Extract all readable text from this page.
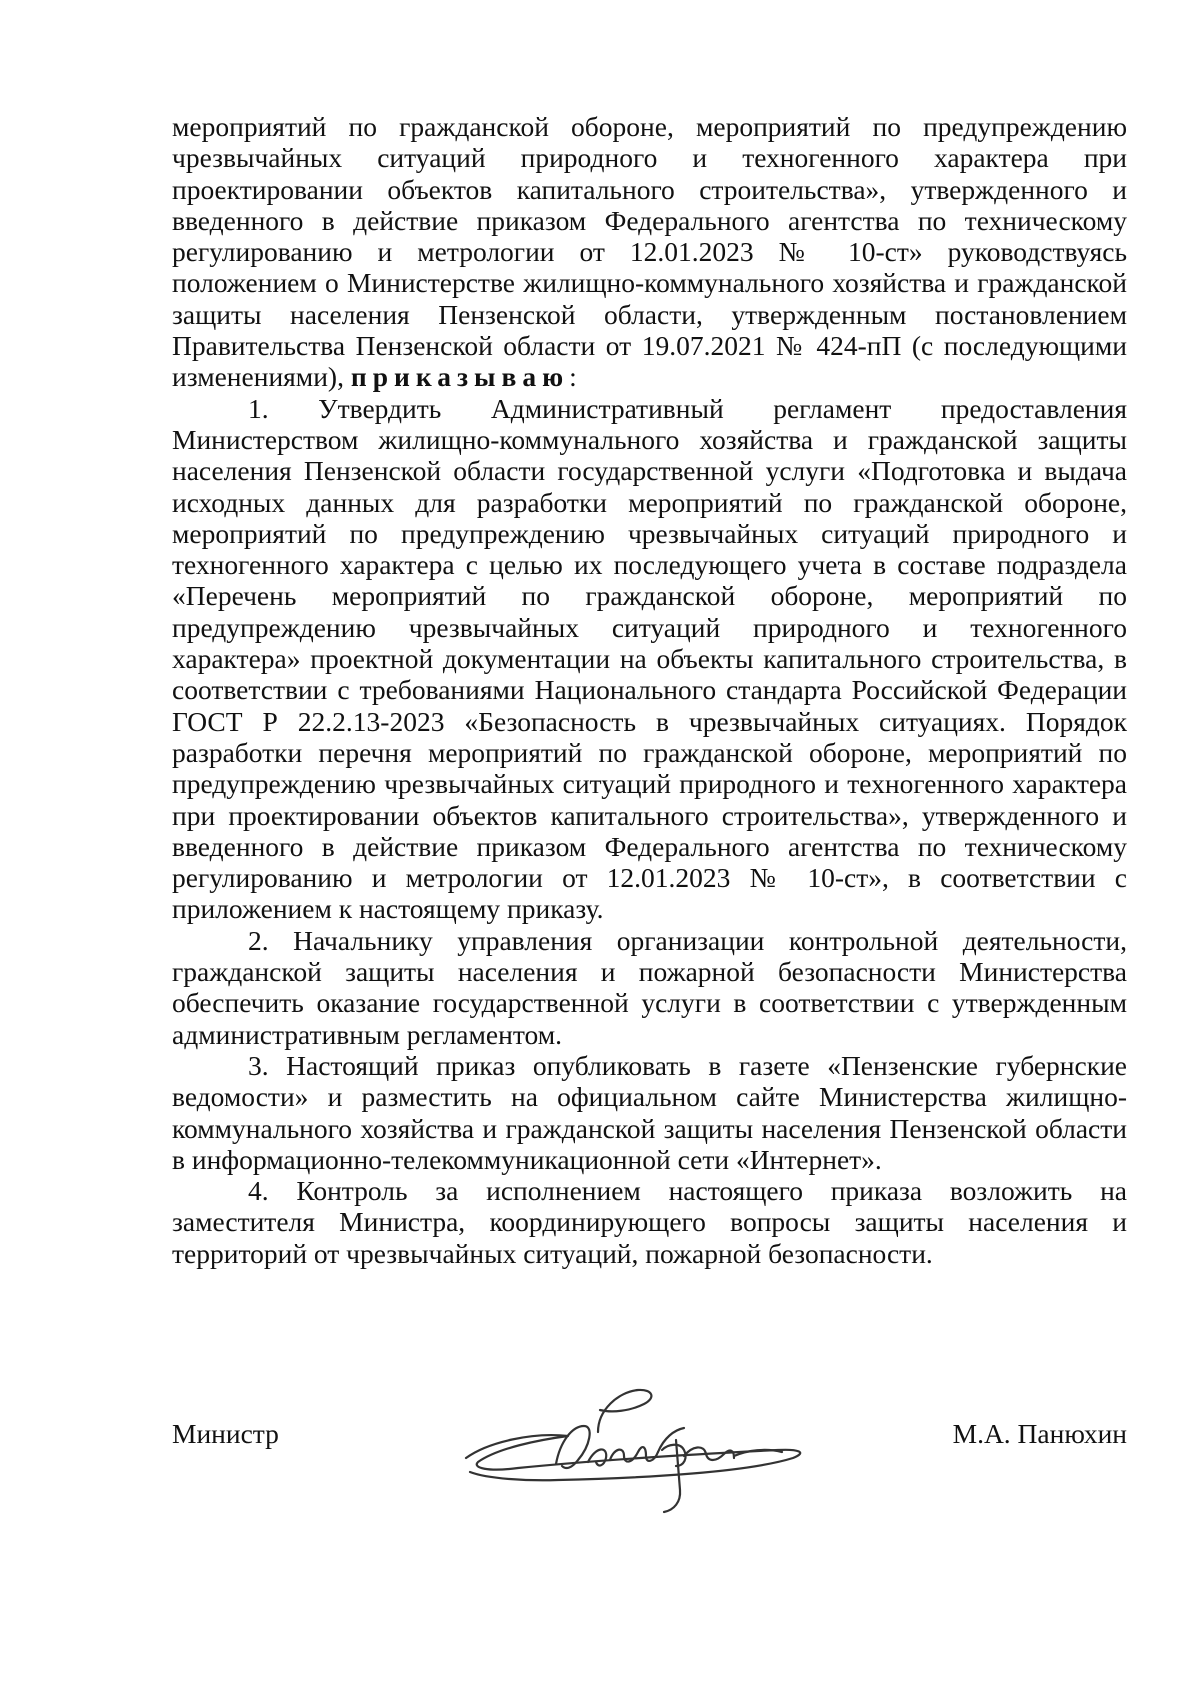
мероприятий по гражданской обороне, мероприятий по предупреждению чрезвычайных ситуаций природного и техногенного характера при проектировании объектов капитального строительства», утвержденного и введенного в действие приказом Федерального агентства по техническому регулированию и метрологии от 12.01.2023 № 10-ст» руководствуясь положением о Министерстве жилищно-коммунального хозяйства и гражданской защиты населения Пензенской области, утвержденным постановлением Правительства Пензенской области от 19.07.2021 № 424-пП (с последующими изменениями), приказываю:

1. Утвердить Административный регламент предоставления Министерством жилищно-коммунального хозяйства и гражданской защиты населения Пензенской области государственной услуги «Подготовка и выдача исходных данных для разработки мероприятий по гражданской обороне, мероприятий по предупреждению чрезвычайных ситуаций природного и техногенного характера с целью их последующего учета в составе подраздела «Перечень мероприятий по гражданской обороне, мероприятий по предупреждению чрезвычайных ситуаций природного и техногенного характера» проектной документации на объекты капитального строительства, в соответствии с требованиями Национального стандарта Российской Федерации ГОСТ Р 22.2.13-2023 «Безопасность в чрезвычайных ситуациях. Порядок разработки перечня мероприятий по гражданской обороне, мероприятий по предупреждению чрезвычайных ситуаций природного и техногенного характера при проектировании объектов капитального строительства», утвержденного и введенного в действие приказом Федерального агентства по техническому регулированию и метрологии от 12.01.2023 № 10-ст», в соответствии с приложением к настоящему приказу.

2. Начальнику управления организации контрольной деятельности, гражданской защиты населения и пожарной безопасности Министерства обеспечить оказание государственной услуги в соответствии с утвержденным административным регламентом.

3. Настоящий приказ опубликовать в газете «Пензенские губернские ведомости» и разместить на официальном сайте Министерства жилищно-коммунального хозяйства и гражданской защиты населения Пензенской области в информационно-телекоммуникационной сети «Интернет».

4. Контроль за исполнением настоящего приказа возложить на заместителя Министра, координирующего вопросы защиты населения и территорий от чрезвычайных ситуаций, пожарной безопасности.

Министр	М.А. Панюхин
